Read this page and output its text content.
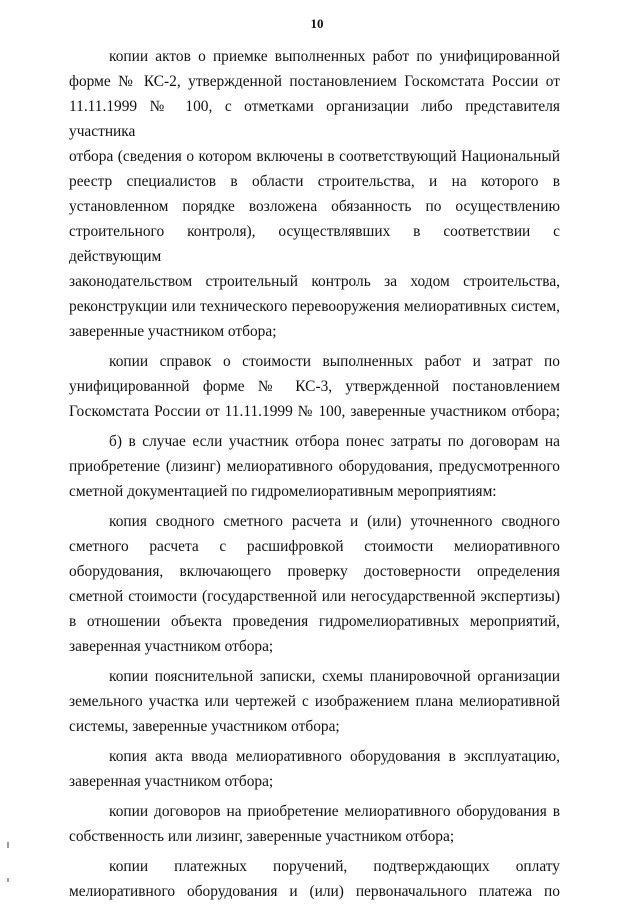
10

копии актов о приемке выполненных работ по унифицированной
форме № КС-2, утвержденной постановлением Госкомстата России от
11.11.1999 № 100, с отметками организации либо представителя участника
отбора (сведения о котором включены в соответствующий Национальный
реестр специалистов в области строительства, и на которого в
установленном порядке возложена обязанность по осуществлению
строительного контроля), осуществлявших в соответствии с действующим
законодательством строительный контроль за ходом строительства,
реконструкции или технического перевооружения мелиоративных систем,
заверенные участником отбора;

копии справок о стоимости выполненных работ и затрат по
унифицированной форме № КС-3, утвержденной постановлением
Госкомстата России от 11.11.1999 № 100, заверенные участником отбора;

б) в случае если участник отбора понес затраты по договорам на
приобретение (лизинг) мелиоративного оборудования, предусмотренного
сметной документацией по гидромелиоративным мероприятиям:

копия сводного сметного расчета и (или) уточненного сводного
сметного расчета с расшифровкой стоимости мелиоративного
оборудования, включающего проверку достоверности определения
сметной стоимости (государственной или негосударственной экспертизы)
в отношении объекта проведения гидромелиоративных мероприятий,
заверенная участником отбора;

копии пояснительной записки, схемы планировочной организации
земельного участка или чертежей с изображением плана мелиоративной
системы, заверенные участником отбора;

копия акта ввода мелиоративного оборудования в эксплуатацию,
заверенная участником отбора;

копии договоров на приобретение мелиоративного оборудования в
собственность или лизинг, заверенные участником отбора;

копии платежных поручений, подтверждающих оплату
мелиоративного оборудования и (или) первоначального платежа по
